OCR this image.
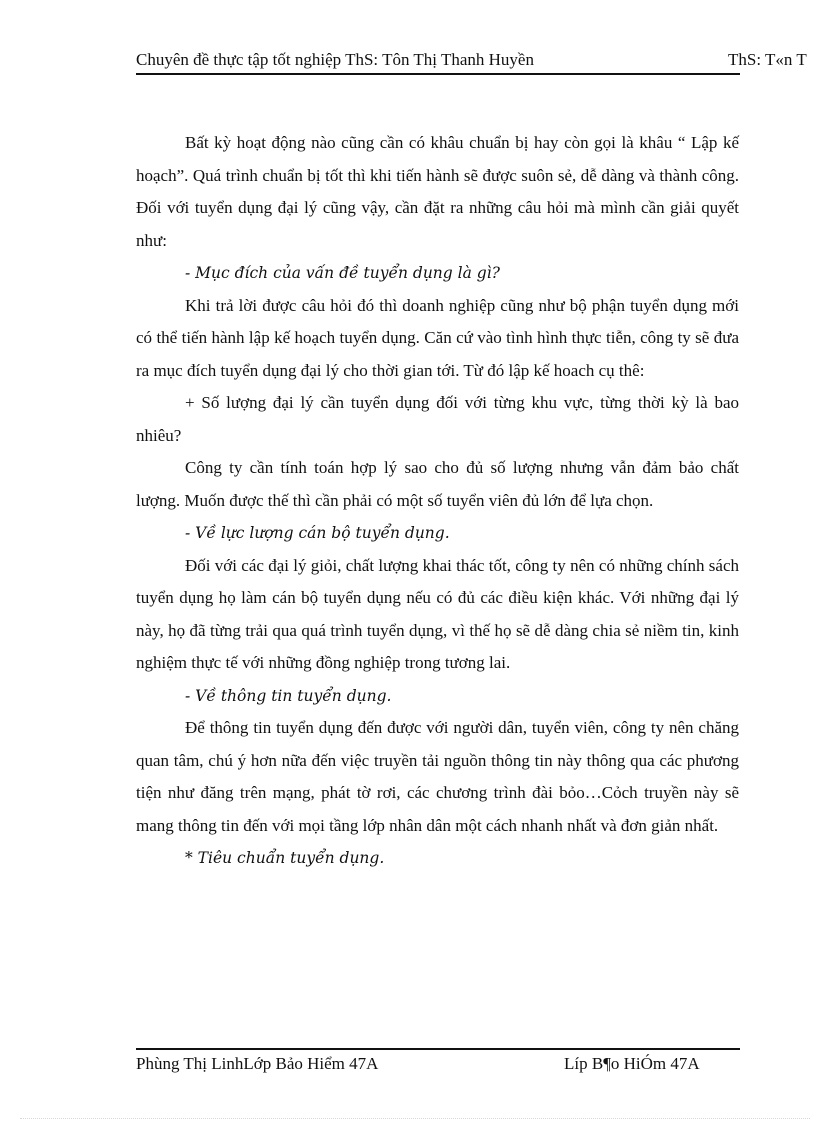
Chuyên đề thực tập tốt nghiệp ThS: Tôn Thị Thanh Huyền	ThS: T«n T

Bất kỳ hoạt động nào cũng cần có khâu chuẩn bị hay còn gọi là khâu “ Lập kế hoạch”. Quá trình chuẩn bị tốt thì khi tiến hành sẽ được suôn sẻ, dễ dàng và thành công. Đối với tuyển dụng đại lý cũng vậy, cần đặt ra những câu hỏi mà mình cần giải quyết như:

- Mục đích của vấn đề tuyển dụng là gì?

Khi trả lời được câu hỏi đó thì doanh nghiệp cũng như bộ phận tuyển dụng mới có thể tiến hành lập kế hoạch tuyển dụng. Căn cứ vào tình hình thực tiễn, công ty sẽ đưa ra mục đích tuyển dụng đại lý cho thời gian tới. Từ đó lập kế hoach cụ thê:

+ Số lượng đại lý cần tuyển dụng đối với từng khu vực, từng thời kỳ là bao nhiêu?

Công ty cần tính toán hợp lý sao cho đủ số lượng nhưng vẫn đảm bảo chất lượng. Muốn được thế thì cần phải có một số tuyển viên đủ lớn để lựa chọn.

- Về lực lượng cán bộ tuyển dụng.

Đối với các đại lý giỏi, chất lượng khai thác tốt, công ty nên có những chính sách tuyển dụng họ làm cán bộ tuyển dụng nếu có đủ các điều kiện khác. Với những đại lý này, họ đã từng trải qua quá trình tuyển dụng, vì thế họ sẽ dễ dàng chia sẻ niềm tin, kinh nghiệm thực tế với những đồng nghiệp trong tương lai.

- Về thông tin tuyển dụng.

Để thông tin tuyển dụng đến được với người dân, tuyển viên, công ty nên chăng quan tâm, chú ý hơn nữa đến việc truyền tải nguồn thông tin này thông qua các phương tiện như đăng trên mạng, phát tờ rơi, các chương trình đài bỏo…Cỏch truyền này sẽ mang thông tin đến với mọi tầng lớp nhân dân một cách nhanh nhất và đơn giản nhất.

* Tiêu chuẩn tuyển dụng.

Phùng Thị LinhLớp Bảo Hiểm 47A	Líp B¶o HiÓm 47A
